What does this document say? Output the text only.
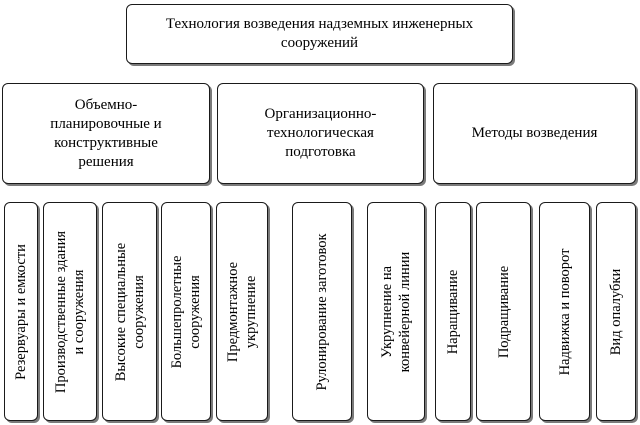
Технология возведения надземных инженерных
сооружений
Объемно-
планировочные и
конструктивные
решения
Организационно-
технологическая
подготовка
Методы возведения
Резервуары и емкости Производственные здания и сооружения Высокие специальные сооружения Большепролетные сооружения Предмонтажное укрупнение	Рулонирование заготовок	Укрупнение на конвейерной линии Наращивание Подращивание	Надвижка и поворот Вид опалубки
